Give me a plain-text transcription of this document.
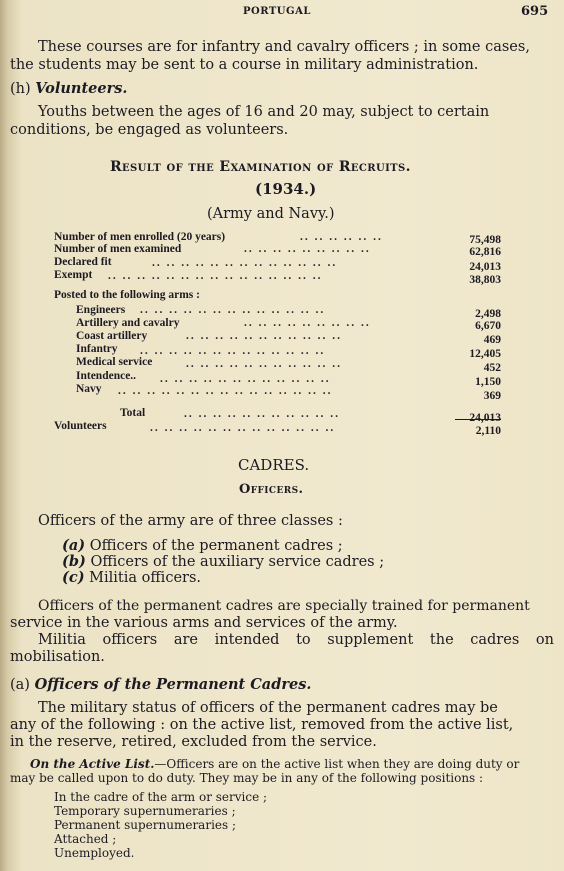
PORTUGAL	695
These courses are for infantry and cavalry officers ; in some cases,
the students may be sent to a course in military administration.
(h) Volunteers.
Youths between the ages of 16 and 20 may, subject to certain
conditions, be engaged as volunteers.
Result of the Examination of Recruits.
(1934.)
(Army and Navy.)
Number of men enrolled (20 years)	.. .. .. .. .. ..	75,498
Number of men examined	.. .. .. .. .. .. .. .. ..	62,816
Declared fit	.. .. .. .. .. .. .. .. .. .. .. .. ..	24,013
Exempt .. .. .. .. .. .. .. .. .. .. .. .. .. .. ..	38,803
Posted to the following arms :
Engineers .. .. .. .. .. .. .. .. .. .. .. .. ..	2,498
Artillery and cavalry	.. .. .. .. .. .. .. .. ..	6,670
Coast artillery	.. .. .. .. .. .. .. .. .. .. ..	469
Infantry .. .. .. .. .. .. .. .. .. .. .. .. ..	12,405
Medical service	.. .. .. .. .. .. .. .. .. .. ..	452
Intendence.. .. .. .. .. .. .. .. .. .. .. .. ..	1,150
Navy .. .. .. .. .. .. .. .. .. .. .. .. .. .. ..	369
Total	.. .. .. .. .. .. .. .. .. .. ..	24,013
Volunteers	.. .. .. .. .. .. .. .. .. .. .. .. ..	2,110
CADRES.
Officers.
Officers of the army are of three classes :
(a) Officers of the permanent cadres ;
(b) Officers of the auxiliary service cadres ;
(c) Militia officers.
Officers of the permanent cadres are specially trained for permanent
service in the various arms and services of the army.
Militia officers are intended to supplement the cadres on
mobilisation.
(a) Officers of the Permanent Cadres.
The military status of officers of the permanent cadres may be
any of the following : on the active list, removed from the active list,
in the reserve, retired, excluded from the service.
On the Active List.—Officers are on the active list when they are doing duty or
may be called upon to do duty. They may be in any of the following positions :
In the cadre of the arm or service ;
Temporary supernumeraries ;
Permanent supernumeraries ;
Attached ;
Unemployed.
